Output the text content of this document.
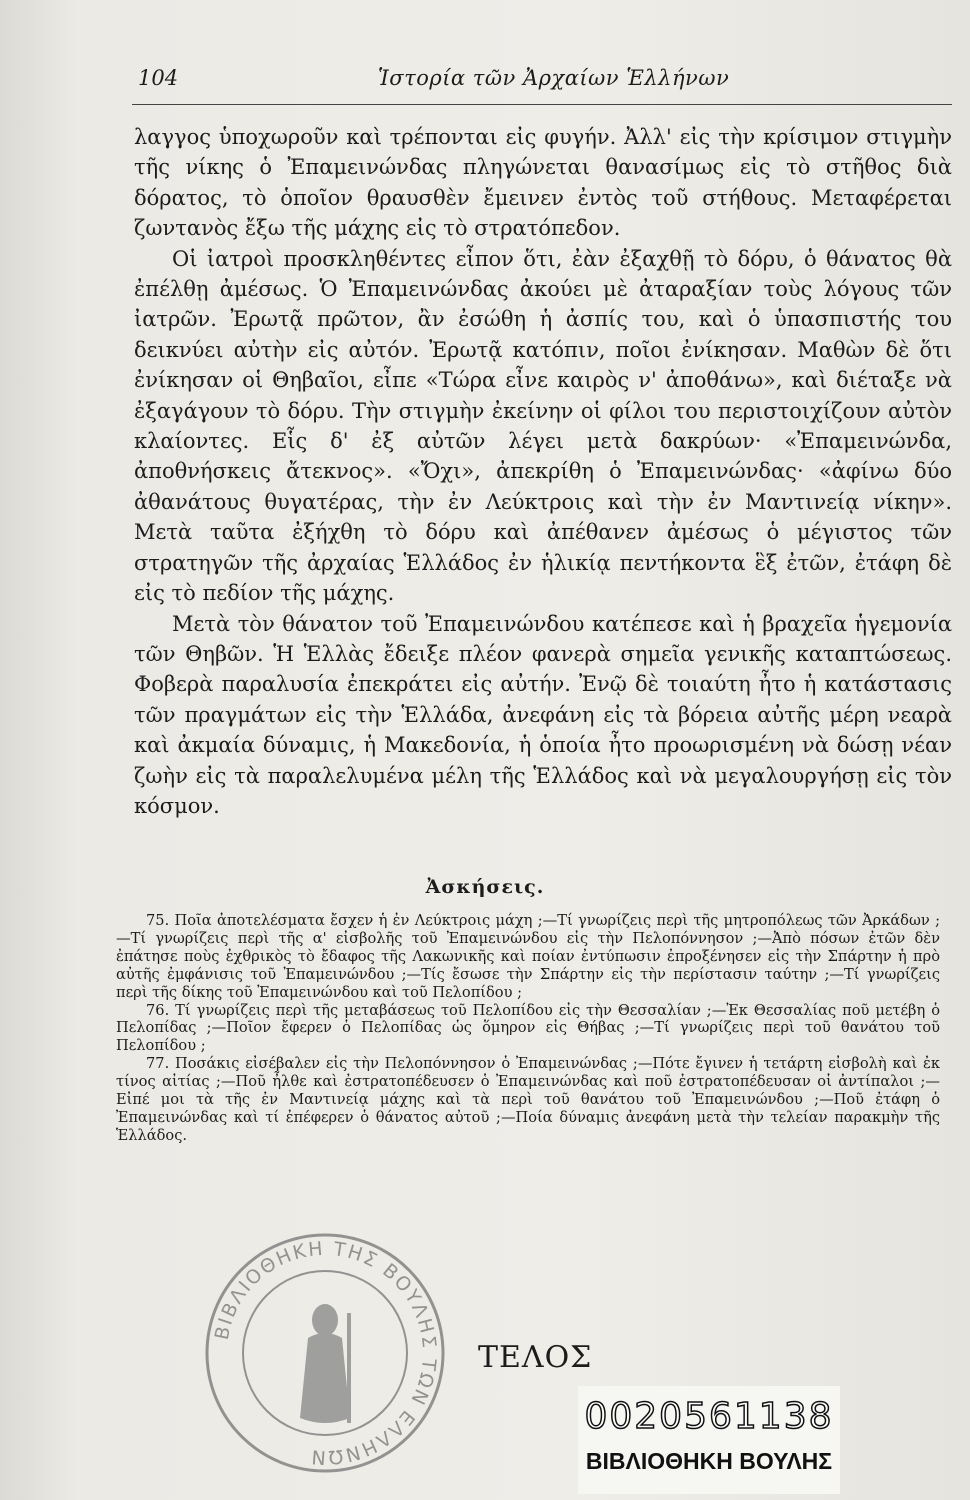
104	Ἱστορία τῶν Ἀρχαίων Ἑλλήνων

λαγγος ὑποχωροῦν καὶ τρέπονται εἰς φυγήν. Ἀλλ' εἰς τὴν κρίσιμον στιγμὴν τῆς νίκης ὁ Ἐπαμεινώνδας πληγώνεται θανασίμως εἰς τὸ στῆθος διὰ δόρατος, τὸ ὁποῖον θραυσθὲν ἔμεινεν ἐντὸς τοῦ στήθους. Μεταφέρεται ζωντανὸς ἔξω τῆς μάχης εἰς τὸ στρατόπεδον.

Οἱ ἰατροὶ προσκληθέντες εἶπον ὅτι, ἐὰν ἐξαχθῇ τὸ δόρυ, ὁ θάνατος θὰ ἐπέλθῃ ἀμέσως. Ὁ Ἐπαμεινώνδας ἀκούει μὲ ἀταραξίαν τοὺς λόγους τῶν ἰατρῶν. Ἐρωτᾷ πρῶτον, ἂν ἐσώθη ἡ ἀσπίς του, καὶ ὁ ὑπασπιστής του δεικνύει αὐτὴν εἰς αὐτόν. Ἐρωτᾷ κατόπιν, ποῖοι ἐνίκησαν. Μαθὼν δὲ ὅτι ἐνίκησαν οἱ Θηβαῖοι, εἶπε «Τώρα εἶνε καιρὸς ν' ἀποθάνω», καὶ διέταξε νὰ ἐξαγάγουν τὸ δόρυ. Τὴν στιγμὴν ἐκείνην οἱ φίλοι του περιστοιχίζουν αὐτὸν κλαίοντες. Εἷς δ' ἐξ αὐτῶν λέγει μετὰ δακρύων· «Ἐπαμεινώνδα, ἀποθνήσκεις ἄτεκνος». «Ὄχι», ἀπεκρίθη ὁ Ἐπαμεινώνδας· «ἀφίνω δύο ἀθανάτους θυγατέρας, τὴν ἐν Λεύκτροις καὶ τὴν ἐν Μαντινείᾳ νίκην». Μετὰ ταῦτα ἐξήχθη τὸ δόρυ καὶ ἀπέθανεν ἀμέσως ὁ μέγιστος τῶν στρατηγῶν τῆς ἀρχαίας Ἑλλάδος ἐν ἡλικίᾳ πεντήκοντα ἓξ ἐτῶν, ἐτάφη δὲ εἰς τὸ πεδίον τῆς μάχης.

Μετὰ τὸν θάνατον τοῦ Ἐπαμεινώνδου κατέπεσε καὶ ἡ βραχεῖα ἡγεμονία τῶν Θηβῶν. Ἡ Ἑλλὰς ἔδειξε πλέον φανερὰ σημεῖα γενικῆς καταπτώσεως. Φοβερὰ παραλυσία ἐπεκράτει εἰς αὐτήν. Ἐνῷ δὲ τοιαύτη ἦτο ἡ κατάστασις τῶν πραγμάτων εἰς τὴν Ἑλλάδα, ἀνεφάνη εἰς τὰ βόρεια αὐτῆς μέρη νεαρὰ καὶ ἀκμαία δύναμις, ἡ Μακεδονία, ἡ ὁποία ἦτο προωρισμένη νὰ δώσῃ νέαν ζωὴν εἰς τὰ παραλελυμένα μέλη τῆς Ἑλλάδος καὶ νὰ μεγαλουργήσῃ εἰς τὸν κόσμον.

Ἀσκήσεις.

75. Ποῖα ἀποτελέσματα ἔσχεν ἡ ἐν Λεύκτροις μάχη ;—Τί γνωρίζεις περὶ τῆς μητροπόλεως τῶν Ἀρκάδων ;—Τί γνωρίζεις περὶ τῆς α' εἰσβολῆς τοῦ Ἐπαμεινώνδου εἰς τὴν Πελοπόννησον ;—Ἀπὸ πόσων ἐτῶν δὲν ἐπάτησε ποὺς ἐχθρικὸς τὸ ἔδαφος τῆς Λακωνικῆς καὶ ποίαν ἐντύπωσιν ἐπροξένησεν εἰς τὴν Σπάρτην ἡ πρὸ αὐτῆς ἐμφάνισις τοῦ Ἐπαμεινώνδου ;—Τίς ἔσωσε τὴν Σπάρτην εἰς τὴν περίστασιν ταύτην ;—Τί γνωρίζεις περὶ τῆς δίκης τοῦ Ἐπαμεινώνδου καὶ τοῦ Πελοπίδου ;

76. Τί γνωρίζεις περὶ τῆς μεταβάσεως τοῦ Πελοπίδου εἰς τὴν Θεσσαλίαν ;—Ἐκ Θεσσαλίας ποῦ μετέβη ὁ Πελοπίδας ;—Ποῖον ἔφερεν ὁ Πελοπίδας ὡς ὅμηρον εἰς Θήβας ;—Τί γνωρίζεις περὶ τοῦ θανάτου τοῦ Πελοπίδου ;

77. Ποσάκις εἰσέβαλεν εἰς τὴν Πελοπόννησον ὁ Ἐπαμεινώνδας ;—Πότε ἔγινεν ἡ τετάρτη εἰσβολὴ καὶ ἐκ τίνος αἰτίας ;—Ποῦ ἦλθε καὶ ἐστρατοπέδευσεν ὁ Ἐπαμεινώνδας καὶ ποῦ ἐστρατοπέδευσαν οἱ ἀντίπαλοι ;—Εἰπέ μοι τὰ τῆς ἐν Μαντινείᾳ μάχης καὶ τὰ περὶ τοῦ θανάτου τοῦ Ἐπαμεινώνδου ;—Ποῦ ἐτάφη ὁ Ἐπαμεινώνδας καὶ τί ἐπέφερεν ὁ θάνατος αὐτοῦ ;—Ποία δύναμις ἀνεφάνη μετὰ τὴν τελείαν παρακμὴν τῆς Ἑλλάδος.

ΒΙΒΛΙΟΘΗΚΗ ΤΗΣ ΒΟΥΛΗΣ ΤΩΝ ΕΛΛΗΝΩΝ
ΤΕΛΟΣ
0020561138
ΒΙΒΛΙΟΘΗΚΗ ΒΟΥΛΗΣ
